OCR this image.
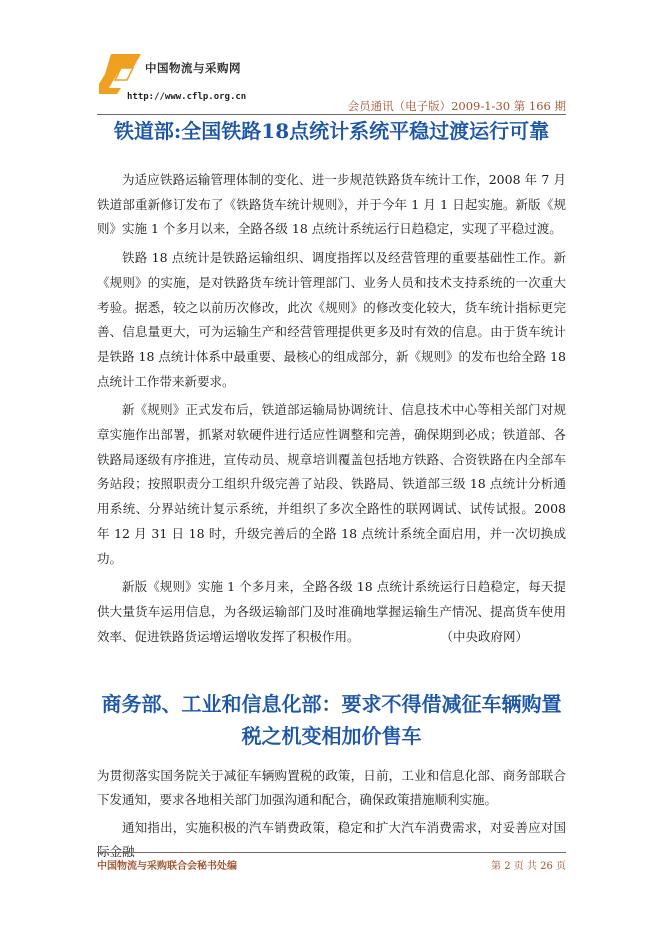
中国物流与采购网
http://www.cflp.org.cn
会员通讯（电子版）2009-1-30 第 166 期
铁道部:全国铁路18点统计系统平稳过渡运行可靠

为适应铁路运输管理体制的变化、进一步规范铁路货车统计工作，2008 年 7 月铁道部重新修订发布了《铁路货车统计规则》，并于今年 1 月 1 日起实施。新版《规则》实施 1 个多月以来，全路各级 18 点统计系统运行日趋稳定，实现了平稳过渡。

铁路 18 点统计是铁路运输组织、调度指挥以及经营管理的重要基础性工作。新《规则》的实施，是对铁路货车统计管理部门、业务人员和技术支持系统的一次重大考验。据悉，较之以前历次修改，此次《规则》的修改变化较大，货车统计指标更完善、信息量更大，可为运输生产和经营管理提供更多及时有效的信息。由于货车统计是铁路 18 点统计体系中最重要、最核心的组成部分，新《规则》的发布也给全路 18 点统计工作带来新要求。

新《规则》正式发布后，铁道部运输局协调统计、信息技术中心等相关部门对规章实施作出部署，抓紧对软硬件进行适应性调整和完善，确保期到必成；铁道部、各铁路局逐级有序推进，宣传动员、规章培训覆盖包括地方铁路、合资铁路在内全部车务站段；按照职责分工组织升级完善了站段、铁路局、铁道部三级 18 点统计分析通用系统、分界站统计复示系统，并组织了多次全路性的联网调试、试传试报。2008 年 12 月 31 日 18 时，升级完善后的全路 18 点统计系统全面启用，并一次切换成功。

新版《规则》实施 1 个多月来，全路各级 18 点统计系统运行日趋稳定，每天提供大量货车运用信息，为各级运输部门及时准确地掌握运输生产情况、提高货车使用效率、促进铁路货运增运增收发挥了积极作用。	（中央政府网）

商务部、工业和信息化部：要求不得借减征车辆购置税之机变相加价售车

为贯彻落实国务院关于减征车辆购置税的政策，日前，工业和信息化部、商务部联合下发通知，要求各地相关部门加强沟通和配合，确保政策措施顺利实施。

通知指出，实施积极的汽车销费政策，稳定和扩大汽车消费需求，对妥善应对国际金融

中国物流与采购联合会秘书处编	第 2 页 共 26 页
